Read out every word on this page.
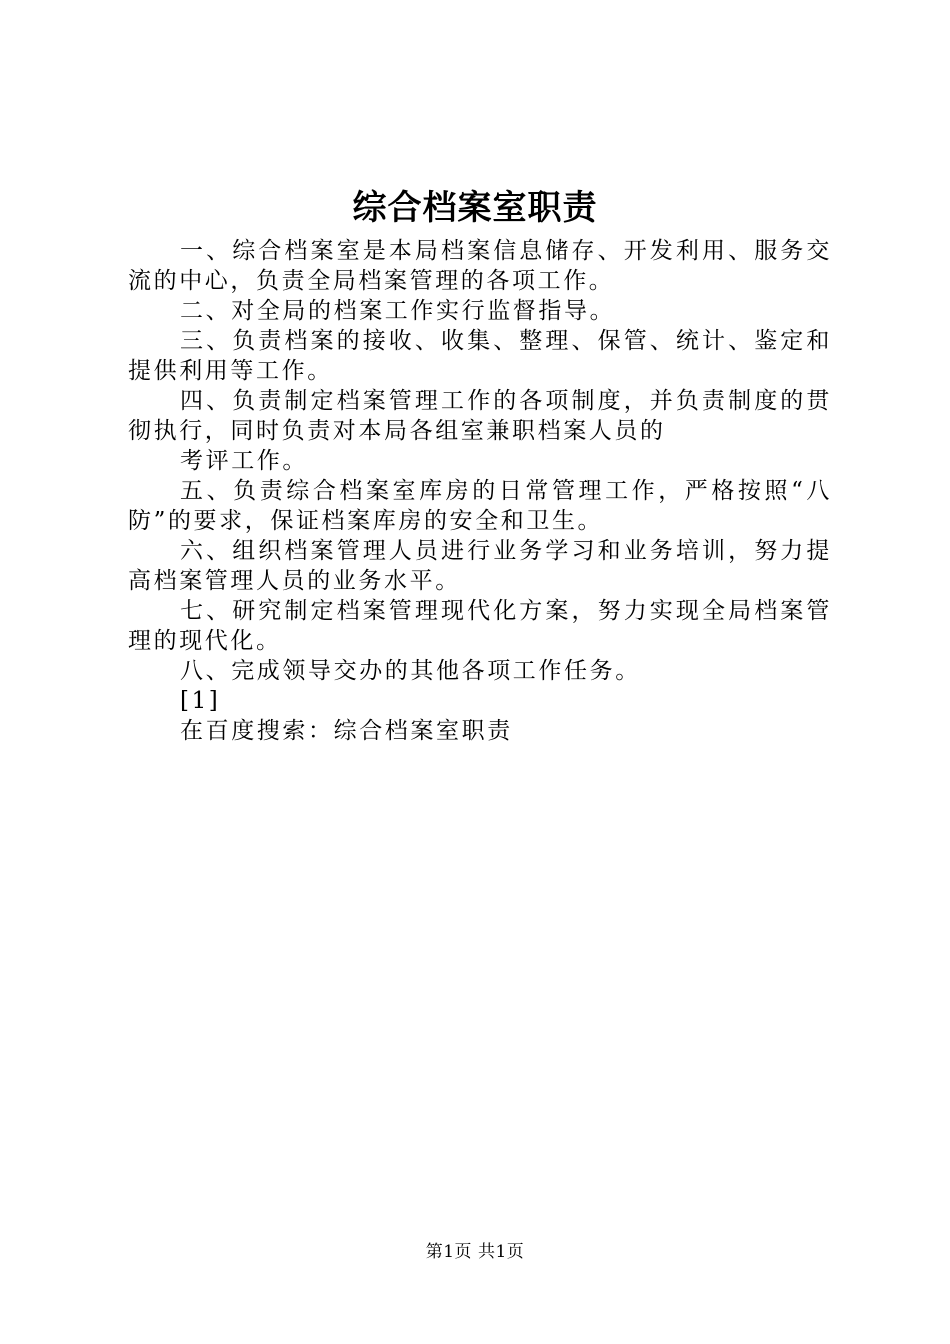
综合档案室职责

一、综合档案室是本局档案信息储存、开发利用、服务交流的中心，负责全局档案管理的各项工作。

二、对全局的档案工作实行监督指导。

三、负责档案的接收、收集、整理、保管、统计、鉴定和提供利用等工作。

四、负责制定档案管理工作的各项制度，并负责制度的贯彻执行，同时负责对本局各组室兼职档案人员的

考评工作。

五、负责综合档案室库房的日常管理工作，严格按照“八防”的要求，保证档案库房的安全和卫生。

六、组织档案管理人员进行业务学习和业务培训，努力提高档案管理人员的业务水平。

七、研究制定档案管理现代化方案，努力实现全局档案管理的现代化。

八、完成领导交办的其他各项工作任务。

[1]

在百度搜索：综合档案室职责

第1页 共1页
